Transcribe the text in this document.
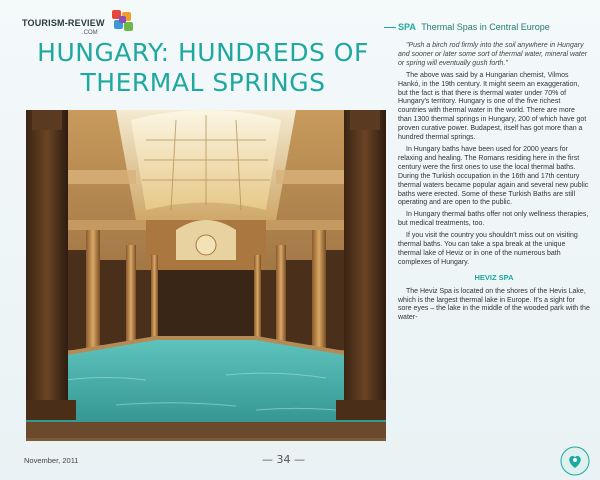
TOURISM-REVIEW
.COM
HUNGARY: HUNDREDS OF THERMAL SPRINGS
SPA Thermal Spas in Central Europe

"Push a birch rod firmly into the soil anywhere in Hungary and sooner or later some sort of thermal water, mineral water or spring will eventually gush forth."

The above was said by a Hungarian chemist, Vilmos Hankó, in the 19th century. It might seem an exaggeration, but the fact is that there is thermal water under 70% of Hungary's territory. Hungary is one of the five richest countries with thermal water in the world. There are more than 1300 thermal springs in Hungary, 200 of which have got proven curative power. Budapest, itself has got more than a hundred thermal springs.

In Hungary baths have been used for 2000 years for relaxing and healing. The Romans residing here in the first century were the first ones to use the local thermal baths. During the Turkish occupation in the 16th and 17th century thermal waters became popular again and several new public baths were erected. Some of these Turkish Baths are still operating and are open to the public.

In Hungary thermal baths offer not only wellness therapies, but medical treatments, too.

If you visit the country you shouldn't miss out on visiting thermal baths. You can take a spa break at the unique thermal lake of Heviz or in one of the numerous bath complexes of Hungary.

HEVIZ SPA

The Heviz Spa is located on the shores of the Hevis Lake, which is the largest thermal lake in Europe. It's a sight for sore eyes – the lake in the middle of the wooded park with the water-

November, 2011	— 34 —
